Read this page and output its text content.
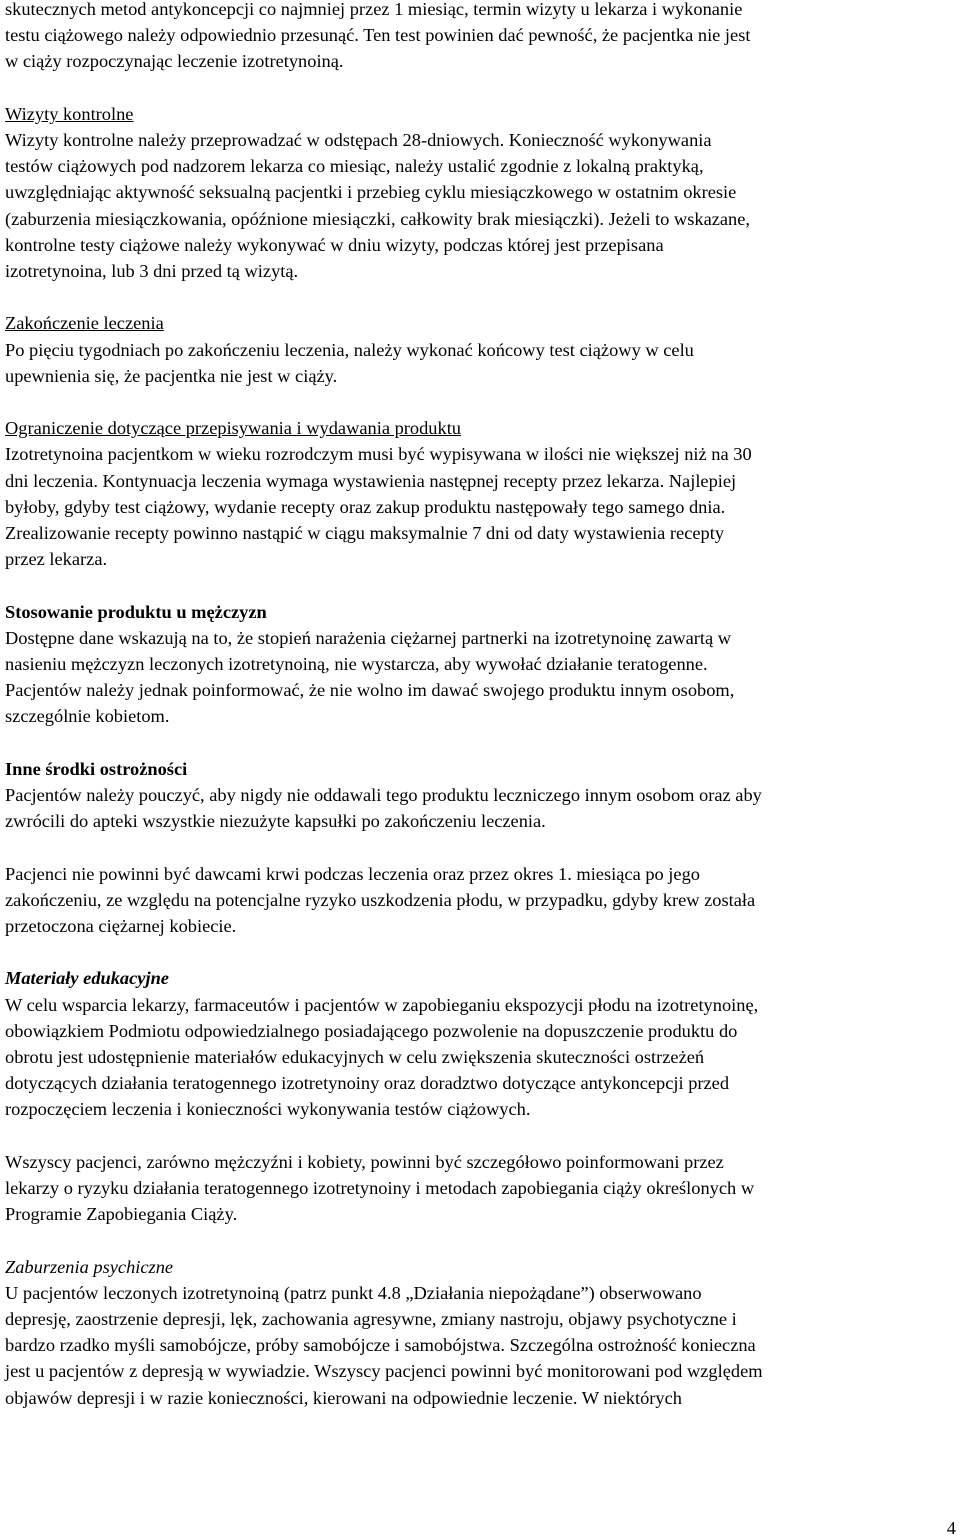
skutecznych metod antykoncepcji co najmniej przez 1 miesiąc, termin wizyty u lekarza i wykonanie
testu ciążowego należy odpowiednio przesunąć. Ten test powinien dać pewność, że pacjentka nie jest
w ciąży rozpoczynając leczenie izotretynoiną.

Wizyty kontrolne
Wizyty kontrolne należy przeprowadzać w odstępach 28-dniowych. Konieczność wykonywania
testów ciążowych pod nadzorem lekarza co miesiąc, należy ustalić zgodnie z lokalną praktyką,
uwzględniając aktywność seksualną pacjentki i przebieg cyklu miesiączkowego w ostatnim okresie
(zaburzenia miesiączkowania, opóźnione miesiączki, całkowity brak miesiączki). Jeżeli to wskazane,
kontrolne testy ciążowe należy wykonywać w dniu wizyty, podczas której jest przepisana
izotretynoina, lub 3 dni przed tą wizytą.
Zakończenie leczenia
Po pięciu tygodniach po zakończeniu leczenia, należy wykonać końcowy test ciążowy w celu
upewnienia się, że pacjentka nie jest w ciąży.
Ograniczenie dotyczące przepisywania i wydawania produktu
Izotretynoina pacjentkom w wieku rozrodczym musi być wypisywana w ilości nie większej niż na 30
dni leczenia. Kontynuacja leczenia wymaga wystawienia następnej recepty przez lekarza. Najlepiej
byłoby, gdyby test ciążowy, wydanie recepty oraz zakup produktu następowały tego samego dnia.
Zrealizowanie recepty powinno nastąpić w ciągu maksymalnie 7 dni od daty wystawienia recepty
przez lekarza.
Stosowanie produktu u mężczyzn
Dostępne dane wskazują na to, że stopień narażenia ciężarnej partnerki na izotretynoinę zawartą w
nasieniu mężczyzn leczonych izotretynoiną, nie wystarcza, aby wywołać działanie teratogenne.
Pacjentów należy jednak poinformować, że nie wolno im dawać swojego produktu innym osobom,
szczególnie kobietom.
Inne środki ostrożności
Pacjentów należy pouczyć, aby nigdy nie oddawali tego produktu leczniczego innym osobom oraz aby
zwrócili do apteki wszystkie niezużyte kapsułki po zakończeniu leczenia.
Pacjenci nie powinni być dawcami krwi podczas leczenia oraz przez okres 1. miesiąca po jego
zakończeniu, ze względu na potencjalne ryzyko uszkodzenia płodu, w przypadku, gdyby krew została
przetoczona ciężarnej kobiecie.
Materiały edukacyjne
W celu wsparcia lekarzy, farmaceutów i pacjentów w zapobieganiu ekspozycji płodu na izotretynoinę,
obowiązkiem Podmiotu odpowiedzialnego posiadającego pozwolenie na dopuszczenie produktu do
obrotu jest udostępnienie materiałów edukacyjnych w celu zwiększenia skuteczności ostrzeżeń
dotyczących działania teratogennego izotretynoiny oraz doradztwo dotyczące antykoncepcji przed
rozpoczęciem leczenia i konieczności wykonywania testów ciążowych.
Wszyscy pacjenci, zarówno mężczyźni i kobiety, powinni być szczegółowo poinformowani przez
lekarzy o ryzyku działania teratogennego izotretynoiny i metodach zapobiegania ciąży określonych w
Programie Zapobiegania Ciąży.
Zaburzenia psychiczne
U pacjentów leczonych izotretynoiną (patrz punkt 4.8 „Działania niepożądane”) obserwowano
depresję, zaostrzenie depresji, lęk, zachowania agresywne, zmiany nastroju, objawy psychotyczne i
bardzo rzadko myśli samobójcze, próby samobójcze i samobójstwa. Szczególna ostrożność konieczna
jest u pacjentów z depresją w wywiadzie. Wszyscy pacjenci powinni być monitorowani pod względem
objawów depresji i w razie konieczności, kierowani na odpowiednie leczenie. W niektórych
4
